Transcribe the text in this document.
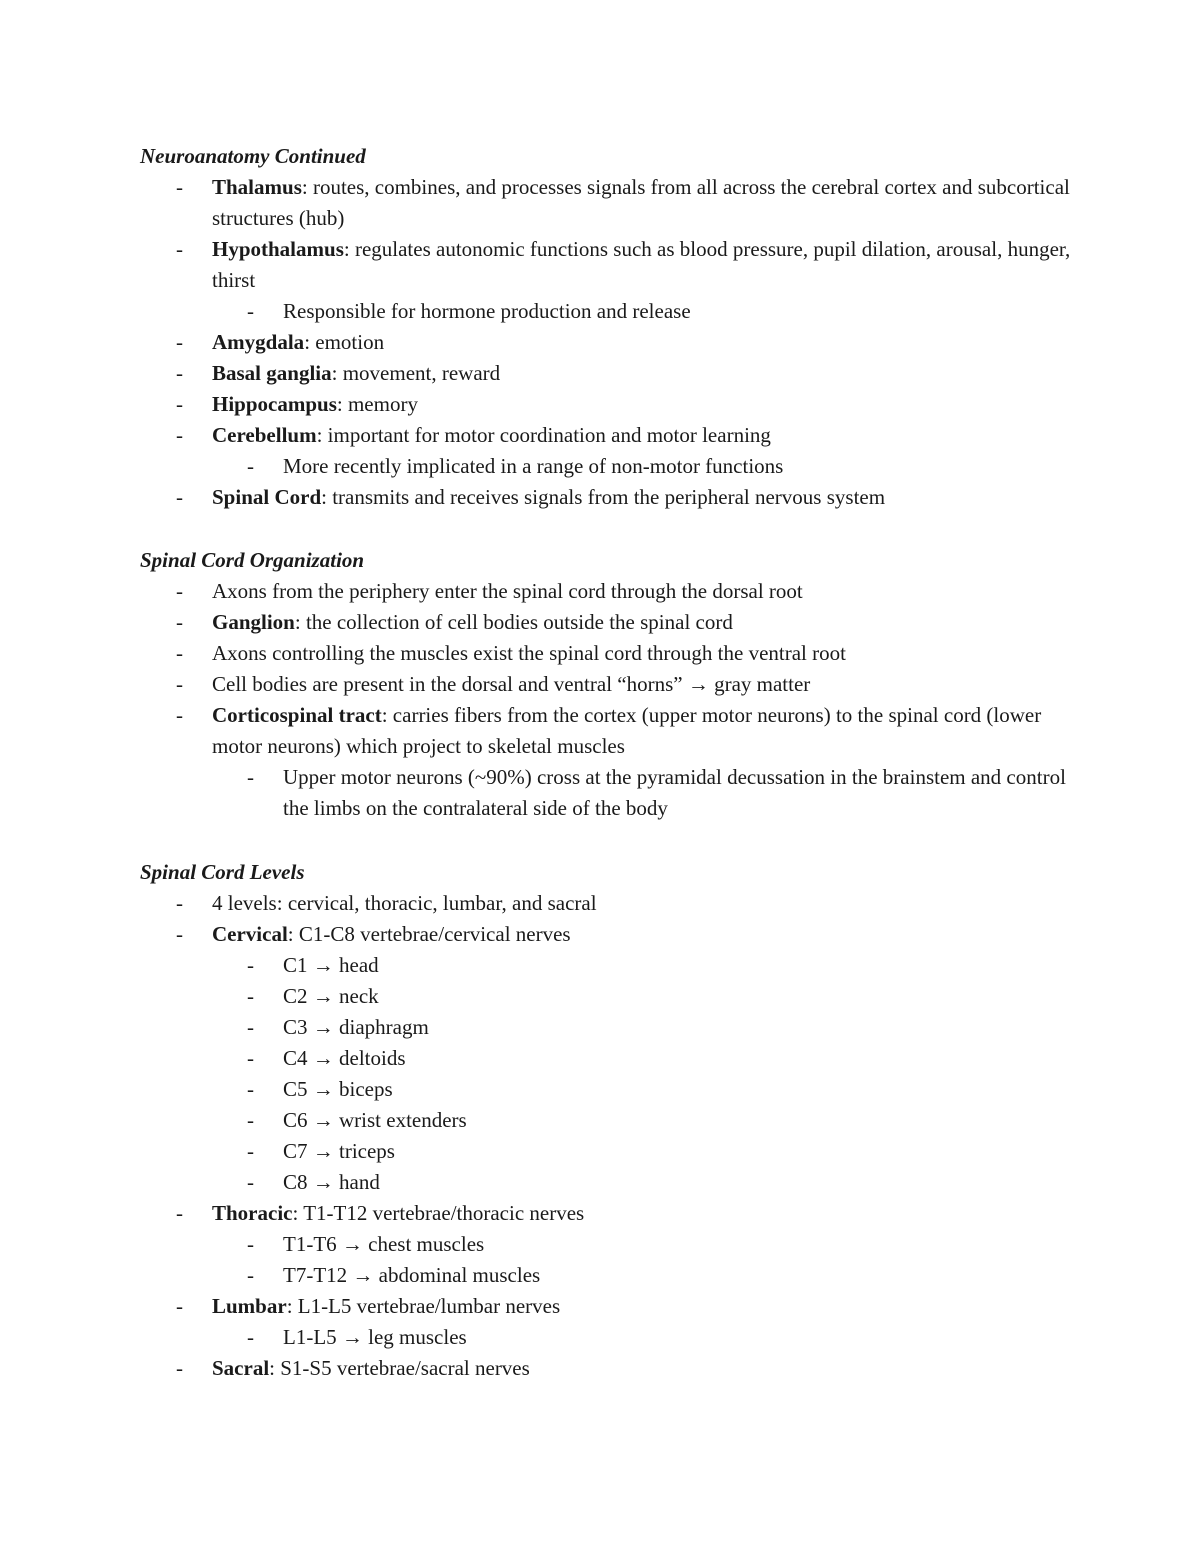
Neuroanatomy Continued
- Thalamus: routes, combines, and processes signals from all across the cerebral cortex and subcortical structures (hub)
- Hypothalamus: regulates autonomic functions such as blood pressure, pupil dilation, arousal, hunger, thirst
- Responsible for hormone production and release
- Amygdala: emotion
- Basal ganglia: movement, reward
- Hippocampus: memory
- Cerebellum: important for motor coordination and motor learning
- More recently implicated in a range of non-motor functions
- Spinal Cord: transmits and receives signals from the peripheral nervous system
Spinal Cord Organization
- Axons from the periphery enter the spinal cord through the dorsal root
- Ganglion: the collection of cell bodies outside the spinal cord
- Axons controlling the muscles exist the spinal cord through the ventral root
- Cell bodies are present in the dorsal and ventral “horns” → gray matter
- Corticospinal tract: carries fibers from the cortex (upper motor neurons) to the spinal cord (lower motor neurons) which project to skeletal muscles
- Upper motor neurons (~90%) cross at the pyramidal decussation in the brainstem and control the limbs on the contralateral side of the body
Spinal Cord Levels
- 4 levels: cervical, thoracic, lumbar, and sacral
- Cervical: C1-C8 vertebrae/cervical nerves
- C1 → head
- C2 → neck
- C3 → diaphragm
- C4 → deltoids
- C5 → biceps
- C6 → wrist extenders
- C7 → triceps
- C8 → hand
- Thoracic: T1-T12 vertebrae/thoracic nerves
- T1-T6 → chest muscles
- T7-T12 → abdominal muscles
- Lumbar: L1-L5 vertebrae/lumbar nerves
- L1-L5 → leg muscles
- Sacral: S1-S5 vertebrae/sacral nerves
